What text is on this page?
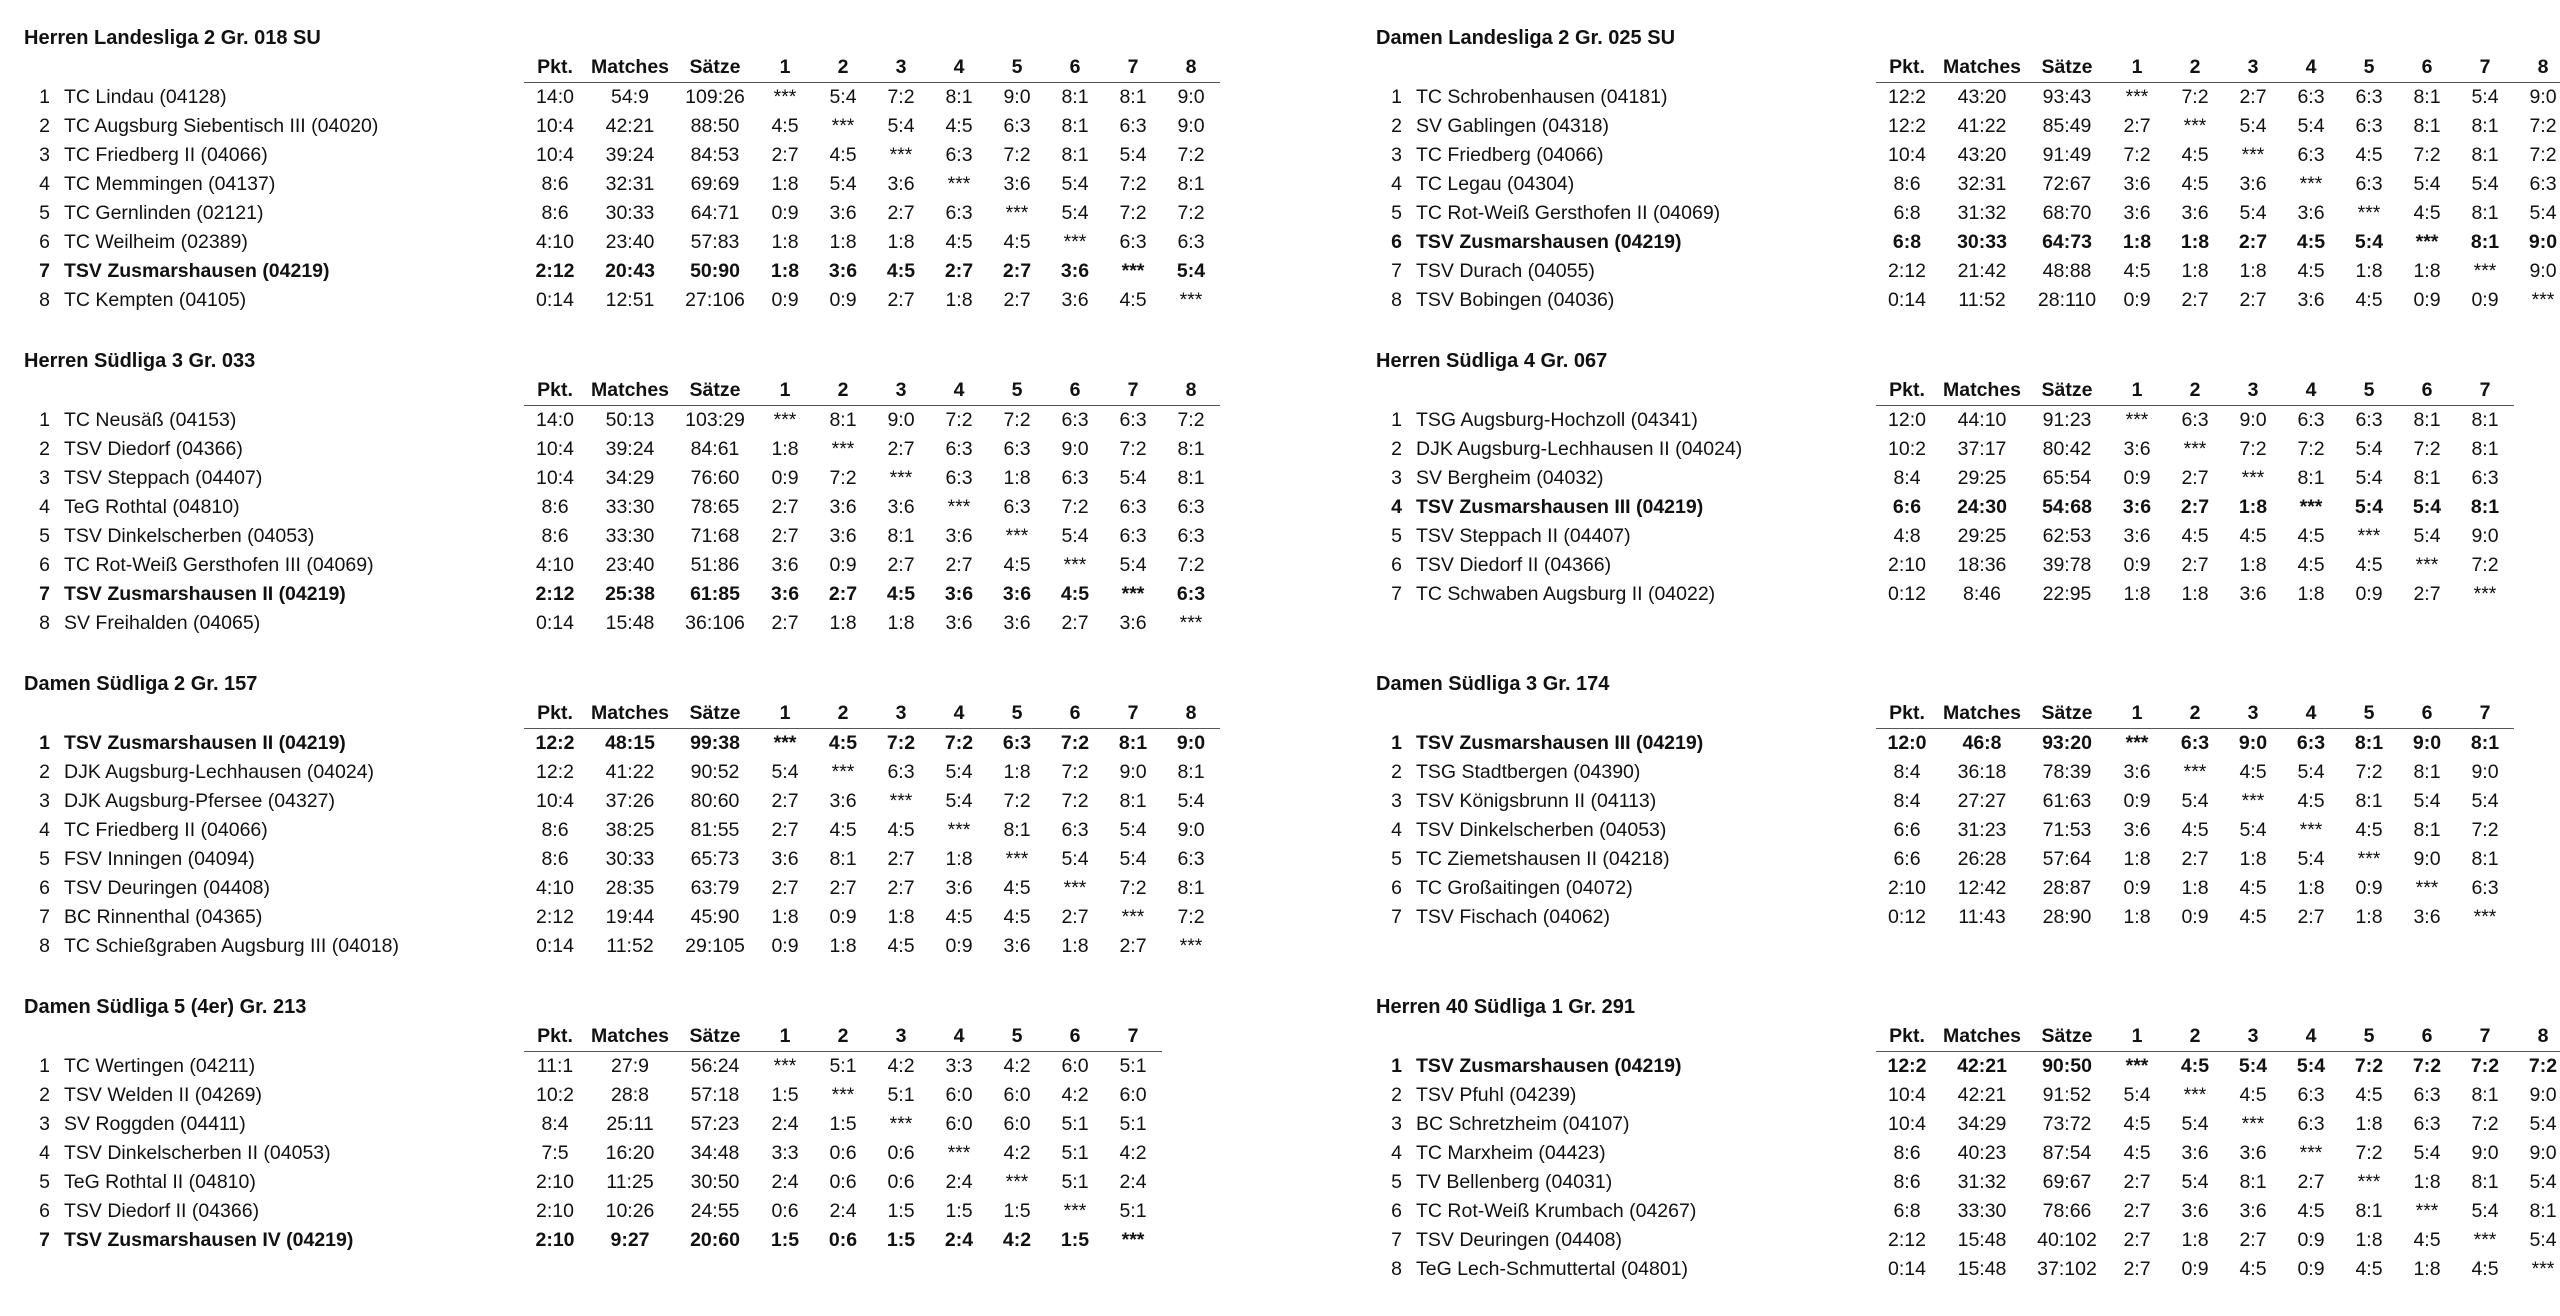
Herren Landesliga 2 Gr. 018 SU
		Pkt.	Matches	Sätze	1	2	3	4	5	6	7	8
1	TC Lindau (04128)	14:0	54:9	109:26	***	5:4	7:2	8:1	9:0	8:1	8:1	9:0
2	TC Augsburg Siebentisch III (04020)	10:4	42:21	88:50	4:5	***	5:4	4:5	6:3	8:1	6:3	9:0
3	TC Friedberg II (04066)	10:4	39:24	84:53	2:7	4:5	***	6:3	7:2	8:1	5:4	7:2
4	TC Memmingen (04137)	8:6	32:31	69:69	1:8	5:4	3:6	***	3:6	5:4	7:2	8:1
5	TC Gernlinden (02121)	8:6	30:33	64:71	0:9	3:6	2:7	6:3	***	5:4	7:2	7:2
6	TC Weilheim (02389)	4:10	23:40	57:83	1:8	1:8	1:8	4:5	4:5	***	6:3	6:3
7	TSV Zusmarshausen (04219)	2:12	20:43	50:90	1:8	3:6	4:5	2:7	2:7	3:6	***	5:4
8	TC Kempten (04105)	0:14	12:51	27:106	0:9	0:9	2:7	1:8	2:7	3:6	4:5	***
Herren Südliga 3 Gr. 033
		Pkt.	Matches	Sätze	1	2	3	4	5	6	7	8
1	TC Neusäß (04153)	14:0	50:13	103:29	***	8:1	9:0	7:2	7:2	6:3	6:3	7:2
2	TSV Diedorf (04366)	10:4	39:24	84:61	1:8	***	2:7	6:3	6:3	9:0	7:2	8:1
3	TSV Steppach (04407)	10:4	34:29	76:60	0:9	7:2	***	6:3	1:8	6:3	5:4	8:1
4	TeG Rothtal (04810)	8:6	33:30	78:65	2:7	3:6	3:6	***	6:3	7:2	6:3	6:3
5	TSV Dinkelscherben (04053)	8:6	33:30	71:68	2:7	3:6	8:1	3:6	***	5:4	6:3	6:3
6	TC Rot-Weiß Gersthofen III (04069)	4:10	23:40	51:86	3:6	0:9	2:7	2:7	4:5	***	5:4	7:2
7	TSV Zusmarshausen II (04219)	2:12	25:38	61:85	3:6	2:7	4:5	3:6	3:6	4:5	***	6:3
8	SV Freihalden (04065)	0:14	15:48	36:106	2:7	1:8	1:8	3:6	3:6	2:7	3:6	***
Damen Südliga 2 Gr. 157
		Pkt.	Matches	Sätze	1	2	3	4	5	6	7	8
1	TSV Zusmarshausen II (04219)	12:2	48:15	99:38	***	4:5	7:2	7:2	6:3	7:2	8:1	9:0
2	DJK Augsburg-Lechhausen (04024)	12:2	41:22	90:52	5:4	***	6:3	5:4	1:8	7:2	9:0	8:1
3	DJK Augsburg-Pfersee (04327)	10:4	37:26	80:60	2:7	3:6	***	5:4	7:2	7:2	8:1	5:4
4	TC Friedberg II (04066)	8:6	38:25	81:55	2:7	4:5	4:5	***	8:1	6:3	5:4	9:0
5	FSV Inningen (04094)	8:6	30:33	65:73	3:6	8:1	2:7	1:8	***	5:4	5:4	6:3
6	TSV Deuringen (04408)	4:10	28:35	63:79	2:7	2:7	2:7	3:6	4:5	***	7:2	8:1
7	BC Rinnenthal (04365)	2:12	19:44	45:90	1:8	0:9	1:8	4:5	4:5	2:7	***	7:2
8	TC Schießgraben Augsburg III (04018)	0:14	11:52	29:105	0:9	1:8	4:5	0:9	3:6	1:8	2:7	***
Damen Südliga 5 (4er) Gr. 213
		Pkt.	Matches	Sätze	1	2	3	4	5	6	7
1	TC Wertingen (04211)	11:1	27:9	56:24	***	5:1	4:2	3:3	4:2	6:0	5:1
2	TSV Welden II (04269)	10:2	28:8	57:18	1:5	***	5:1	6:0	6:0	4:2	6:0
3	SV Roggden (04411)	8:4	25:11	57:23	2:4	1:5	***	6:0	6:0	5:1	5:1
4	TSV Dinkelscherben II (04053)	7:5	16:20	34:48	3:3	0:6	0:6	***	4:2	5:1	4:2
5	TeG Rothtal II (04810)	2:10	11:25	30:50	2:4	0:6	0:6	2:4	***	5:1	2:4
6	TSV Diedorf II (04366)	2:10	10:26	24:55	0:6	2:4	1:5	1:5	1:5	***	5:1
7	TSV Zusmarshausen IV (04219)	2:10	9:27	20:60	1:5	0:6	1:5	2:4	4:2	1:5	***
Damen Landesliga 2 Gr. 025 SU
		Pkt.	Matches	Sätze	1	2	3	4	5	6	7	8
1	TC Schrobenhausen (04181)	12:2	43:20	93:43	***	7:2	2:7	6:3	6:3	8:1	5:4	9:0
2	SV Gablingen (04318)	12:2	41:22	85:49	2:7	***	5:4	5:4	6:3	8:1	8:1	7:2
3	TC Friedberg (04066)	10:4	43:20	91:49	7:2	4:5	***	6:3	4:5	7:2	8:1	7:2
4	TC Legau (04304)	8:6	32:31	72:67	3:6	4:5	3:6	***	6:3	5:4	5:4	6:3
5	TC Rot-Weiß Gersthofen II (04069)	6:8	31:32	68:70	3:6	3:6	5:4	3:6	***	4:5	8:1	5:4
6	TSV Zusmarshausen (04219)	6:8	30:33	64:73	1:8	1:8	2:7	4:5	5:4	***	8:1	9:0
7	TSV Durach (04055)	2:12	21:42	48:88	4:5	1:8	1:8	4:5	1:8	1:8	***	9:0
8	TSV Bobingen (04036)	0:14	11:52	28:110	0:9	2:7	2:7	3:6	4:5	0:9	0:9	***
Herren Südliga 4 Gr. 067
		Pkt.	Matches	Sätze	1	2	3	4	5	6	7
1	TSG Augsburg-Hochzoll (04341)	12:0	44:10	91:23	***	6:3	9:0	6:3	6:3	8:1	8:1
2	DJK Augsburg-Lechhausen II (04024)	10:2	37:17	80:42	3:6	***	7:2	7:2	5:4	7:2	8:1
3	SV Bergheim (04032)	8:4	29:25	65:54	0:9	2:7	***	8:1	5:4	8:1	6:3
4	TSV Zusmarshausen III (04219)	6:6	24:30	54:68	3:6	2:7	1:8	***	5:4	5:4	8:1
5	TSV Steppach II (04407)	4:8	29:25	62:53	3:6	4:5	4:5	4:5	***	5:4	9:0
6	TSV Diedorf II (04366)	2:10	18:36	39:78	0:9	2:7	1:8	4:5	4:5	***	7:2
7	TC Schwaben Augsburg II (04022)	0:12	8:46	22:95	1:8	1:8	3:6	1:8	0:9	2:7	***
Damen Südliga 3 Gr. 174
		Pkt.	Matches	Sätze	1	2	3	4	5	6	7
1	TSV Zusmarshausen III (04219)	12:0	46:8	93:20	***	6:3	9:0	6:3	8:1	9:0	8:1
2	TSG Stadtbergen (04390)	8:4	36:18	78:39	3:6	***	4:5	5:4	7:2	8:1	9:0
3	TSV Königsbrunn II (04113)	8:4	27:27	61:63	0:9	5:4	***	4:5	8:1	5:4	5:4
4	TSV Dinkelscherben (04053)	6:6	31:23	71:53	3:6	4:5	5:4	***	4:5	8:1	7:2
5	TC Ziemetshausen II (04218)	6:6	26:28	57:64	1:8	2:7	1:8	5:4	***	9:0	8:1
6	TC Großaitingen (04072)	2:10	12:42	28:87	0:9	1:8	4:5	1:8	0:9	***	6:3
7	TSV Fischach (04062)	0:12	11:43	28:90	1:8	0:9	4:5	2:7	1:8	3:6	***
Herren 40 Südliga 1 Gr. 291
		Pkt.	Matches	Sätze	1	2	3	4	5	6	7	8
1	TSV Zusmarshausen (04219)	12:2	42:21	90:50	***	4:5	5:4	5:4	7:2	7:2	7:2	7:2
2	TSV Pfuhl (04239)	10:4	42:21	91:52	5:4	***	4:5	6:3	4:5	6:3	8:1	9:0
3	BC Schretzheim (04107)	10:4	34:29	73:72	4:5	5:4	***	6:3	1:8	6:3	7:2	5:4
4	TC Marxheim (04423)	8:6	40:23	87:54	4:5	3:6	3:6	***	7:2	5:4	9:0	9:0
5	TV Bellenberg (04031)	8:6	31:32	69:67	2:7	5:4	8:1	2:7	***	1:8	8:1	5:4
6	TC Rot-Weiß Krumbach (04267)	6:8	33:30	78:66	2:7	3:6	3:6	4:5	8:1	***	5:4	8:1
7	TSV Deuringen (04408)	2:12	15:48	40:102	2:7	1:8	2:7	0:9	1:8	4:5	***	5:4
8	TeG Lech-Schmuttertal (04801)	0:14	15:48	37:102	2:7	0:9	4:5	0:9	4:5	1:8	4:5	***
